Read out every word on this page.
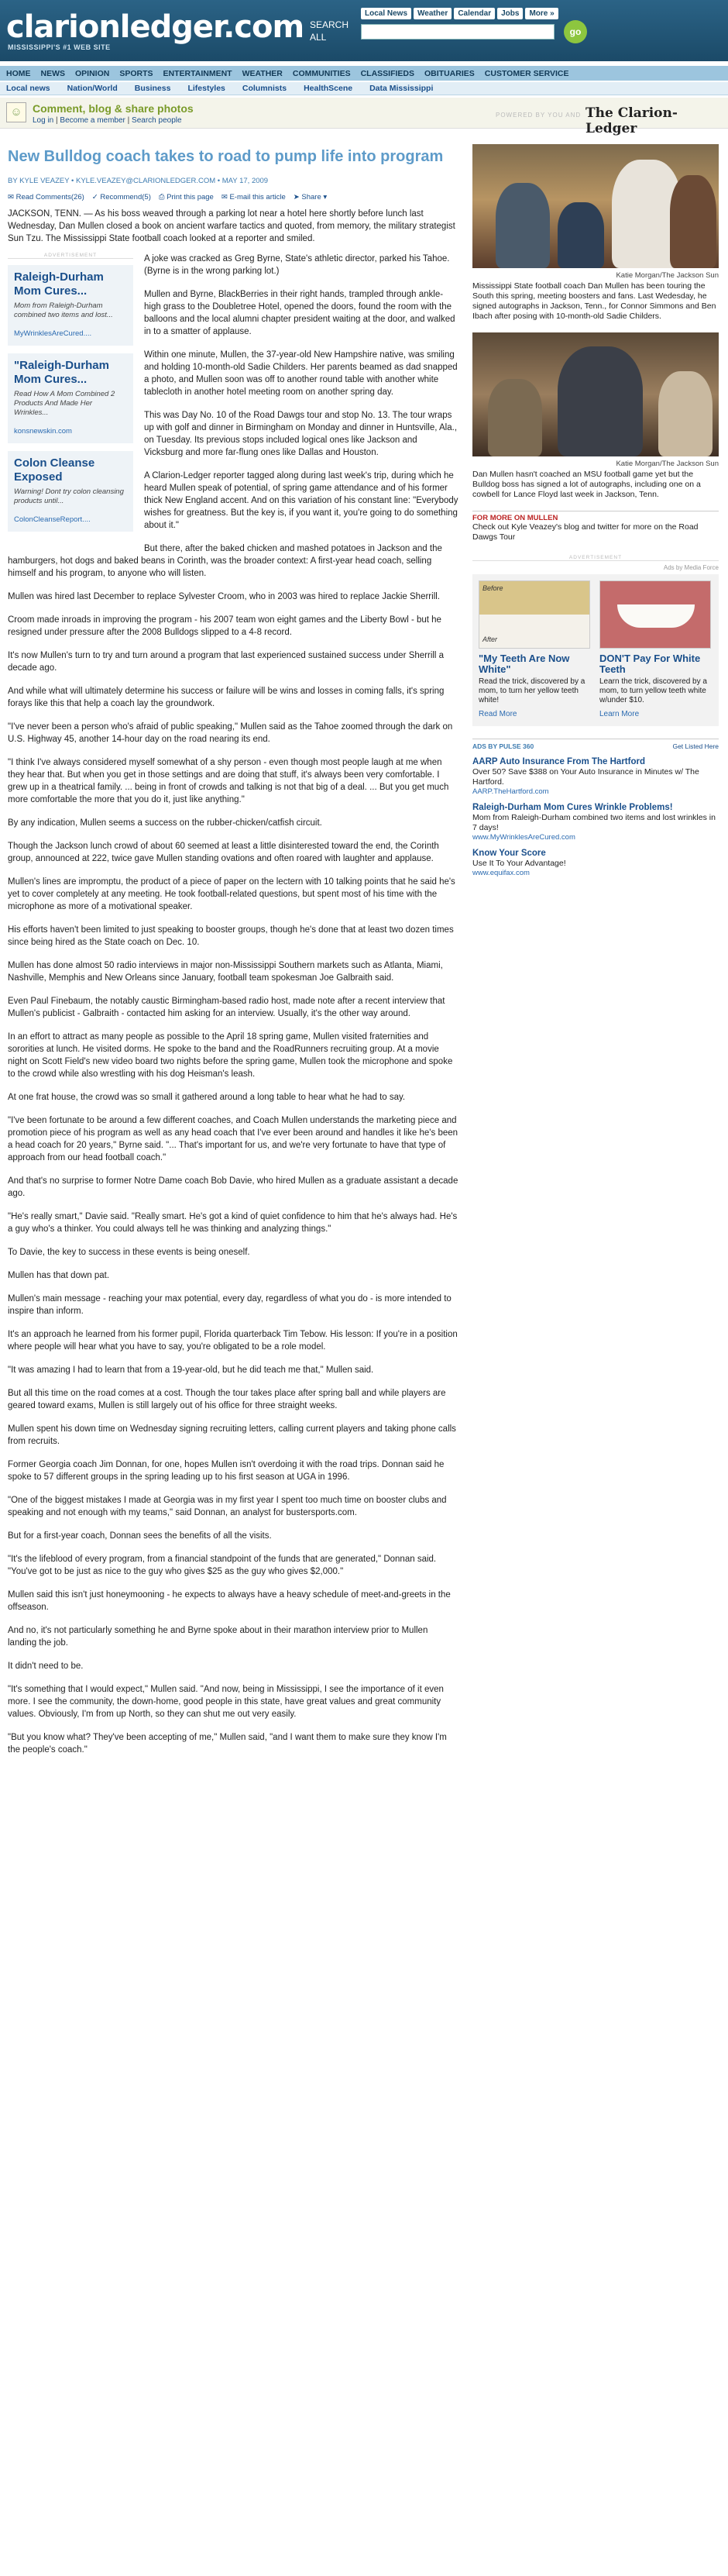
clarionledger.com
MISSISSIPPI'S #1 WEB SITE
SEARCH
ALL
Local News	Weather	Calendar	Jobs	More »
go
HOME NEWS OPINION SPORTS ENTERTAINMENT WEATHER COMMUNITIES CLASSIFIEDS OBITUARIES CUSTOMER SERVICE
Local news Nation/World Business Lifestyles Columnists HealthScene Data Mississippi
☺ Comment, blog & share photos
Log in | Become a member | Search people
POWERED BY YOU AND The Clarion-Ledger
New Bulldog coach takes to road to pump life into program
BY KYLE VEAZEY • KYLE.VEAZEY@CLARIONLEDGER.COM • MAY 17, 2009
✉ Read Comments(26) ✓ Recommend(5) ⎙ Print this page ✉ E-mail this article ➤ Share ▾
JACKSON, TENN. — As his boss weaved through a parking lot near a hotel here shortly before lunch last Wednesday, Dan Mullen closed a book on ancient warfare tactics and quoted, from memory, the military strategist Sun Tzu. The Mississippi State football coach looked at a reporter and smiled.
ADVERTISEMENT
Raleigh-Durham Mom Cures...
Mom from Raleigh-Durham combined two items and lost...
MyWrinklesAreCured....
"Raleigh-Durham Mom Cures...
Read How A Mom Combined 2 Products And Made Her Wrinkles...
konsnewskin.com
Colon Cleanse Exposed
Warning! Dont try colon cleansing products until...
ColonCleanseReport....

A joke was cracked as Greg Byrne, State's athletic director, parked his Tahoe. (Byrne is in the wrong parking lot.)

Mullen and Byrne, BlackBerries in their right hands, trampled through ankle-high grass to the Doubletree Hotel, opened the doors, found the room with the balloons and the local alumni chapter president waiting at the door, and walked in to a smatter of applause.

Within one minute, Mullen, the 37-year-old New Hampshire native, was smiling and holding 10-month-old Sadie Childers. Her parents beamed as dad snapped a photo, and Mullen soon was off to another round table with another white tablecloth in another hotel meeting room on another spring day.

This was Day No. 10 of the Road Dawgs tour and stop No. 13. The tour wraps up with golf and dinner in Birmingham on Monday and dinner in Huntsville, Ala., on Tuesday. Its previous stops included logical ones like Jackson and Vicksburg and more far-flung ones like Dallas and Houston.

A Clarion-Ledger reporter tagged along during last week's trip, during which he heard Mullen speak of potential, of spring game attendance and of his former thick New England accent. And on this variation of his constant line: "Everybody wishes for greatness. But the key is, if you want it, you're going to do something about it."

But there, after the baked chicken and mashed potatoes in Jackson and the hamburgers, hot dogs and baked beans in Corinth, was the broader context: A first-year head coach, selling himself and his program, to anyone who will listen.

Mullen was hired last December to replace Sylvester Croom, who in 2003 was hired to replace Jackie Sherrill.

Croom made inroads in improving the program - his 2007 team won eight games and the Liberty Bowl - but he resigned under pressure after the 2008 Bulldogs slipped to a 4-8 record.

It's now Mullen's turn to try and turn around a program that last experienced sustained success under Sherrill a decade ago.

And while what will ultimately determine his success or failure will be wins and losses in coming falls, it's spring forays like this that help a coach lay the groundwork.

"I've never been a person who's afraid of public speaking," Mullen said as the Tahoe zoomed through the dark on U.S. Highway 45, another 14-hour day on the road nearing its end.

"I think I've always considered myself somewhat of a shy person - even though most people laugh at me when they hear that. But when you get in those settings and are doing that stuff, it's always been very comfortable. I grew up in a theatrical family. ... being in front of crowds and talking is not that big of a deal. ... But you get much more comfortable the more that you do it, just like anything."

By any indication, Mullen seems a success on the rubber-chicken/catfish circuit.

Though the Jackson lunch crowd of about 60 seemed at least a little disinterested toward the end, the Corinth group, announced at 222, twice gave Mullen standing ovations and often roared with laughter and applause.

Mullen's lines are impromptu, the product of a piece of paper on the lectern with 10 talking points that he said he's yet to cover completely at any meeting. He took football-related questions, but spent most of his time with the microphone as more of a motivational speaker.

His efforts haven't been limited to just speaking to booster groups, though he's done that at least two dozen times since being hired as the State coach on Dec. 10.

Mullen has done almost 50 radio interviews in major non-Mississippi Southern markets such as Atlanta, Miami, Nashville, Memphis and New Orleans since January, football team spokesman Joe Galbraith said.

Even Paul Finebaum, the notably caustic Birmingham-based radio host, made note after a recent interview that Mullen's publicist - Galbraith - contacted him asking for an interview. Usually, it's the other way around.

In an effort to attract as many people as possible to the April 18 spring game, Mullen visited fraternities and sororities at lunch. He visited dorms. He spoke to the band and the RoadRunners recruiting group. At a movie night on Scott Field's new video board two nights before the spring game, Mullen took the microphone and spoke to the crowd while also wrestling with his dog Heisman's leash.

At one frat house, the crowd was so small it gathered around a long table to hear what he had to say.

"I've been fortunate to be around a few different coaches, and Coach Mullen understands the marketing piece and promotion piece of his program as well as any head coach that I've ever been around and handles it like he's been a head coach for 20 years," Byrne said. "... That's important for us, and we're very fortunate to have that type of approach from our head football coach."

And that's no surprise to former Notre Dame coach Bob Davie, who hired Mullen as a graduate assistant a decade ago.

"He's really smart," Davie said. "Really smart. He's got a kind of quiet confidence to him that he's always had. He's a guy who's a thinker. You could always tell he was thinking and analyzing things."

To Davie, the key to success in these events is being oneself.

Mullen has that down pat.

Mullen's main message - reaching your max potential, every day, regardless of what you do - is more intended to inspire than inform.

It's an approach he learned from his former pupil, Florida quarterback Tim Tebow. His lesson: If you're in a position where people will hear what you have to say, you're obligated to be a role model.

"It was amazing I had to learn that from a 19-year-old, but he did teach me that," Mullen said.

But all this time on the road comes at a cost. Though the tour takes place after spring ball and while players are geared toward exams, Mullen is still largely out of his office for three straight weeks.

Mullen spent his down time on Wednesday signing recruiting letters, calling current players and taking phone calls from recruits.

Former Georgia coach Jim Donnan, for one, hopes Mullen isn't overdoing it with the road trips. Donnan said he spoke to 57 different groups in the spring leading up to his first season at UGA in 1996.

"One of the biggest mistakes I made at Georgia was in my first year I spent too much time on booster clubs and speaking and not enough with my teams," said Donnan, an analyst for bustersports.com.

But for a first-year coach, Donnan sees the benefits of all the visits.

"It's the lifeblood of every program, from a financial standpoint of the funds that are generated," Donnan said. "You've got to be just as nice to the guy who gives $25 as the guy who gives $2,000."

Mullen said this isn't just honeymooning - he expects to always have a heavy schedule of meet-and-greets in the offseason.

And no, it's not particularly something he and Byrne spoke about in their marathon interview prior to Mullen landing the job.

It didn't need to be.

"It's something that I would expect," Mullen said. "And now, being in Mississippi, I see the importance of it even more. I see the community, the down-home, good people in this state, have great values and great community values. Obviously, I'm from up North, so they can shut me out very easily.

"But you know what? They've been accepting of me," Mullen said, "and I want them to make sure they know I'm the people's coach."

Katie Morgan/The Jackson Sun
Mississippi State football coach Dan Mullen has been touring the South this spring, meeting boosters and fans. Last Wedesday, he signed autographs in Jackson, Tenn., for Connor Simmons and Ben Ibach after posing with 10-month-old Sadie Childers.
Katie Morgan/The Jackson Sun
Dan Mullen hasn't coached an MSU football game yet but the Bulldog boss has signed a lot of autographs, including one on a cowbell for Lance Floyd last week in Jackson, Tenn.
FOR MORE ON MULLEN
Check out Kyle Veazey's blog and twitter for more on the Road Dawgs Tour
ADVERTISEMENT
Ads by Media Force
Before
After
"My Teeth Are Now White"
Read the trick, discovered by a mom, to turn her yellow teeth white!
Read More
DON'T Pay For White Teeth
Learn the trick, discovered by a mom, to turn yellow teeth white w/under $10.
Learn More
ADS BY PULSE 360	Get Listed Here
AARP Auto Insurance From The Hartford
Over 50? Save $388 on Your Auto Insurance in Minutes w/ The Hartford.
AARP.TheHartford.com
Raleigh-Durham Mom Cures Wrinkle Problems!
Mom from Raleigh-Durham combined two items and lost wrinkles in 7 days!
www.MyWrinklesAreCured.com
Know Your Score
Use It To Your Advantage!
www.equifax.com
